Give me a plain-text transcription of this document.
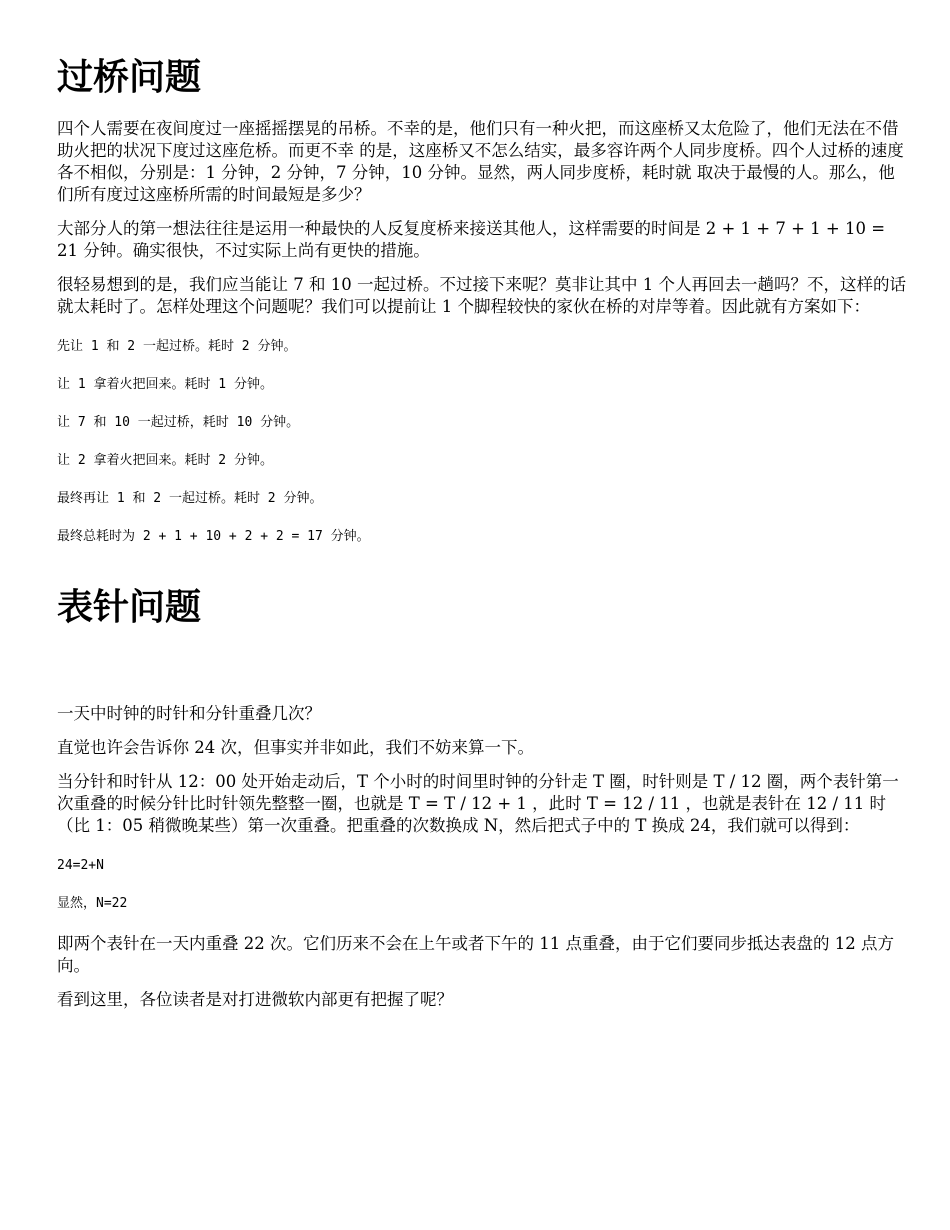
过桥问题

四个人需要在夜间度过一座摇摇摆晃的吊桥。不幸的是，他们只有一种火把，而这座桥又太危险了，他们无法在不借助火把的状况下度过这座危桥。而更不幸 的是，这座桥又不怎么结实，最多容许两个人同步度桥。四个人过桥的速度各不相似，分别是：1 分钟，2 分钟，7 分钟，10 分钟。显然，两人同步度桥，耗时就 取决于最慢的人。那么，他们所有度过这座桥所需的时间最短是多少？

大部分人的第一想法往往是运用一种最快的人反复度桥来接送其他人，这样需要的时间是 2 + 1 + 7 + 1 + 10 = 21 分钟。确实很快，不过实际上尚有更快的措施。

很轻易想到的是，我们应当能让 7 和 10 一起过桥。不过接下来呢？莫非让其中 1 个人再回去一趟吗？不，这样的话就太耗时了。怎样处理这个问题呢？我们可以提前让 1 个脚程较快的家伙在桥的对岸等着。因此就有方案如下：

先让 1 和 2 一起过桥。耗时 2 分钟。

让 1 拿着火把回来。耗时 1 分钟。

让 7 和 10 一起过桥，耗时 10 分钟。

让 2 拿着火把回来。耗时 2 分钟。

最终再让 1 和 2 一起过桥。耗时 2 分钟。

最终总耗时为 2 + 1 + 10 + 2 + 2 = 17 分钟。

表针问题

一天中时钟的时针和分针重叠几次？

直觉也许会告诉你 24 次，但事实并非如此，我们不妨来算一下。

当分针和时针从 12：00 处开始走动后，T 个小时的时间里时钟的分针走 T 圈，时针则是 T / 12 圈，两个表针第一次重叠的时候分针比时针领先整整一圈，也就是 T = T / 12 + 1 ，此时 T = 12 / 11 ，也就是表针在 12 / 11 时（比 1：05 稍微晚某些）第一次重叠。把重叠的次数换成 N，然后把式子中的 T 换成 24，我们就可以得到：

24=2+N

显然，N=22

即两个表针在一天内重叠 22 次。它们历来不会在上午或者下午的 11 点重叠，由于它们要同步抵达表盘的 12 点方向。

看到这里，各位读者是对打进微软内部更有把握了呢？
